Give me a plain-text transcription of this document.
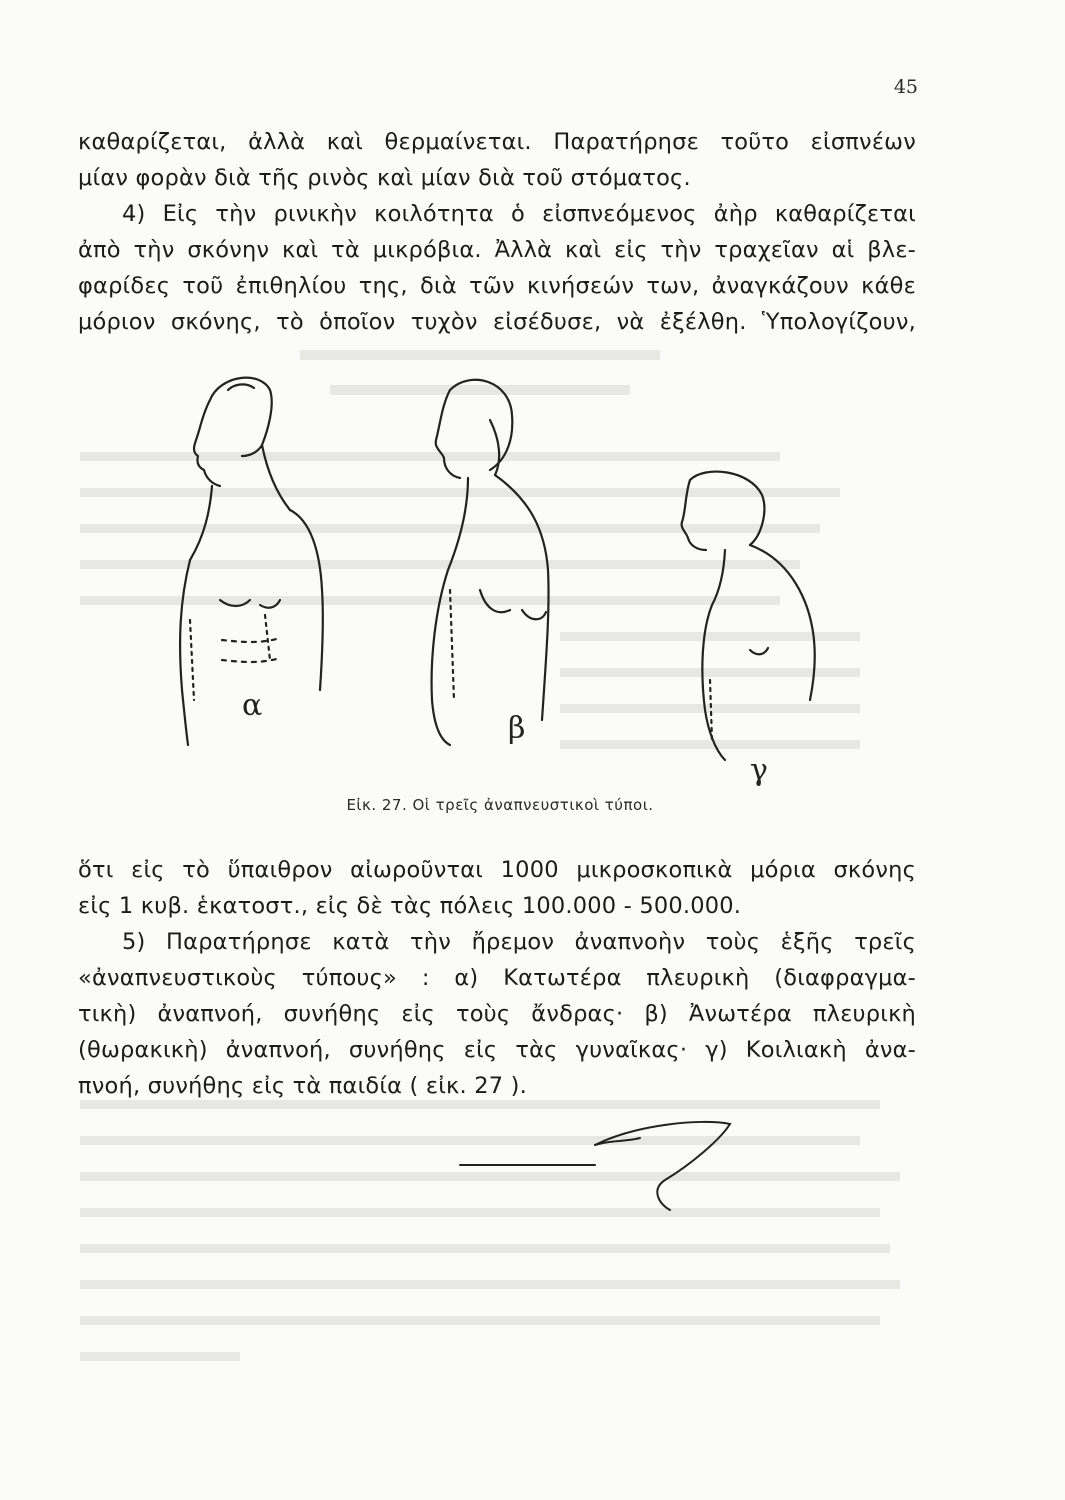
45
καθαρίζεται, ἀλλὰ καὶ θερμαίνεται. Παρατήρησε τοῦτο εἰσπνέων
μίαν φορὰν διὰ τῆς ρινὸς καὶ μίαν διὰ τοῦ στόματος.
4) Εἰς τὴν ρινικὴν κοιλότητα ὁ εἰσπνεόμενος ἀὴρ καθαρίζεται
ἀπὸ τὴν σκόνην καὶ τὰ μικρόβια. Ἀλλὰ καὶ εἰς τὴν τραχεῖαν αἱ βλε-
φαρίδες τοῦ ἐπιθηλίου της, διὰ τῶν κινήσεών των, ἀναγκάζουν κάθε
μόριον σκόνης, τὸ ὁποῖον τυχὸν εἰσέδυσε, νὰ ἐξέλθη. Ὑπολογίζουν,
α
β
γ
Εἰκ. 27. Οἱ τρεῖς ἀναπνευστικοὶ τύποι.
ὅτι εἰς τὸ ὕπαιθρον αἰωροῦνται 1000 μικροσκοπικὰ μόρια σκόνης
εἰς 1 κυβ. ἑκατοστ., εἰς δὲ τὰς πόλεις 100.000 - 500.000.
5) Παρατήρησε κατὰ τὴν ἤρεμον ἀναπνοὴν τοὺς ἑξῆς τρεῖς
«ἀναπνευστικοὺς τύπους» : α) Κατωτέρα πλευρικὴ (διαφραγμα-
τικὴ) ἀναπνοή, συνήθης εἰς τοὺς ἄνδρας· β) Ἀνωτέρα πλευρικὴ
(θωρακικὴ) ἀναπνοή, συνήθης εἰς τὰς γυναῖκας· γ) Κοιλιακὴ ἀνα-
πνοή, συνήθης εἰς τὰ παιδία ( εἰκ. 27 ).
